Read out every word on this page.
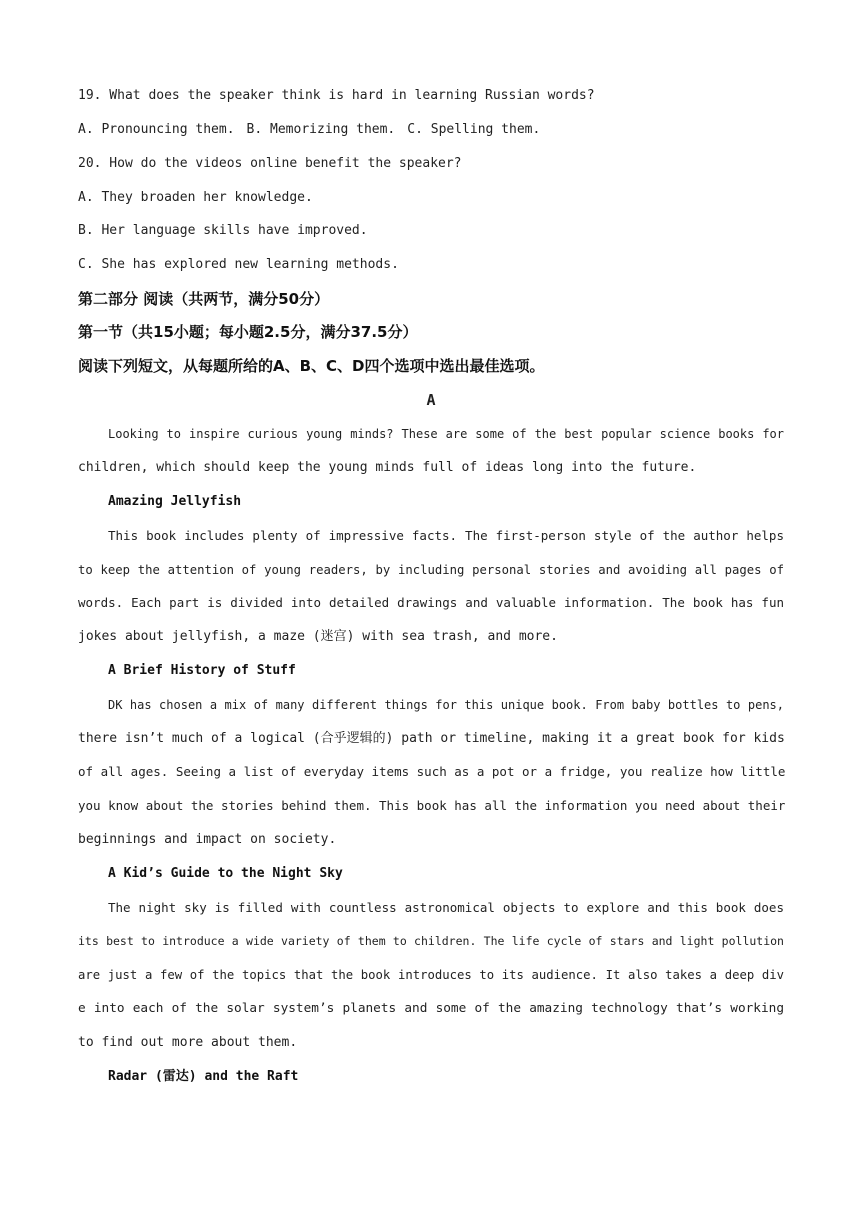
19. What does the speaker think is hard in learning Russian words?
A. Pronouncing them. B. Memorizing them. C. Spelling them.
20. How do the videos online benefit the speaker?
A. They broaden her knowledge.
B. Her language skills have improved.
C. She has explored new learning methods.
第二部分 阅读（共两节，满分50分）
第一节（共15小题；每小题2.5分，满分37.5分）
阅读下列短文，从每题所给的A、B、C、D四个选项中选出最佳选项。
A
Looking to inspire curious young minds? These are some of the best popular science books for
children, which should keep the young minds full of ideas long into the future.
Amazing Jellyfish
This book includes plenty of impressive facts. The first-person style of the author helps
to keep the attention of young readers, by including personal stories and avoiding all pages of
words. Each part is divided into detailed drawings and valuable information. The book has fun
jokes about jellyfish, a maze (迷宫) with sea trash, and more.
A Brief History of Stuff
DK has chosen a mix of many different things for this unique book. From baby bottles to pens,
there isn’t much of a logical (合乎逻辑的) path or timeline, making it a great book for kids
of all ages. Seeing a list of everyday items such as a pot or a fridge, you realize how little
you know about the stories behind them. This book has all the information you need about their
beginnings and impact on society.
A Kid’s Guide to the Night Sky
The night sky is filled with countless astronomical objects to explore and this book does
its best to introduce a wide variety of them to children. The life cycle of stars and light pollution
are just a few of the topics that the book introduces to its audience. It also takes a deep div
e into each of the solar system’s planets and some of the amazing technology that’s working
to find out more about them.
Radar (雷达) and the Raft
